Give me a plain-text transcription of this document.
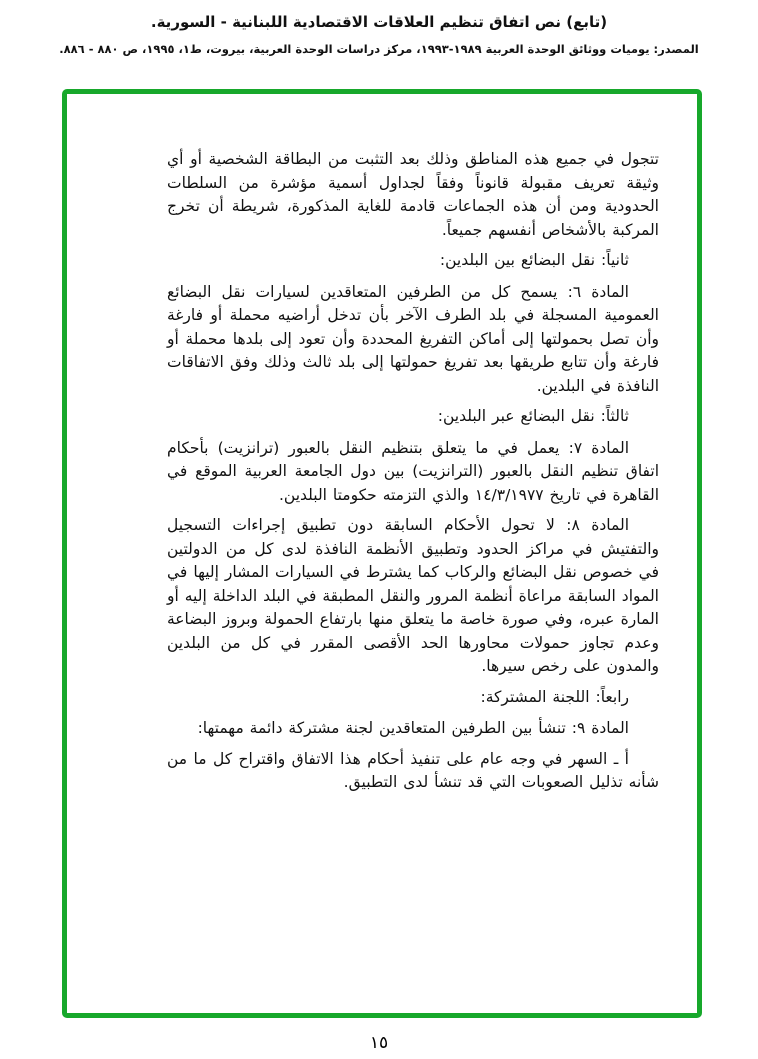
(تابع) نص اتفاق تنظيم العلاقات الاقتصادية اللبنانية - السورية.
المصدر: يوميات ووثائق الوحدة العربية ١٩٨٩-١٩٩٣، مركز دراسات الوحدة العربية، بيروت، ط١، ١٩٩٥، ص ٨٨٠ - ٨٨٦.

تتجول في جميع هذه المناطق وذلك بعد التثبت من البطاقة الشخصية أو أي وثيقة تعريف مقبولة قانوناً وفقاً لجداول أسمية مؤشرة من السلطات الحدودية ومن أن هذه الجماعات قادمة للغاية المذكورة، شريطة أن تخرج المركبة بالأشخاص أنفسهم جميعاً.

ثانياً: نقل البضائع بين البلدين:

المادة ٦: يسمح كل من الطرفين المتعاقدين لسيارات نقل البضائع العمومية المسجلة في بلد الطرف الآخر بأن تدخل أراضيه محملة أو فارغة وأن تصل بحمولتها إلى أماكن التفريغ المحددة وأن تعود إلى بلدها محملة أو فارغة وأن تتابع طريقها بعد تفريغ حمولتها إلى بلد ثالث وذلك وفق الاتفاقات النافذة في البلدين.

ثالثاً: نقل البضائع عبر البلدين:

المادة ٧: يعمل في ما يتعلق بتنظيم النقل بالعبور (ترانزيت) بأحكام اتفاق تنظيم النقل بالعبور (الترانزيت) بين دول الجامعة العربية الموقع في القاهرة في تاريخ ١٤/٣/١٩٧٧ والذي التزمته حكومتا البلدين.

المادة ٨: لا تحول الأحكام السابقة دون تطبيق إجراءات التسجيل والتفتيش في مراكز الحدود وتطبيق الأنظمة النافذة لدى كل من الدولتين في خصوص نقل البضائع والركاب كما يشترط في السيارات المشار إليها في المواد السابقة مراعاة أنظمة المرور والنقل المطبقة في البلد الداخلة إليه أو المارة عبره، وفي صورة خاصة ما يتعلق منها بارتفاع الحمولة وبروز البضاعة وعدم تجاوز حمولات محاورها الحد الأقصى المقرر في كل من البلدين والمدون على رخص سيرها.

رابعاً: اللجنة المشتركة:

المادة ٩: تنشأ بين الطرفين المتعاقدين لجنة مشتركة دائمة مهمتها:

أ ـ السهر في وجه عام على تنفيذ أحكام هذا الاتفاق واقتراح كل ما من شأنه تذليل الصعوبات التي قد تنشأ لدى التطبيق.

١٥
